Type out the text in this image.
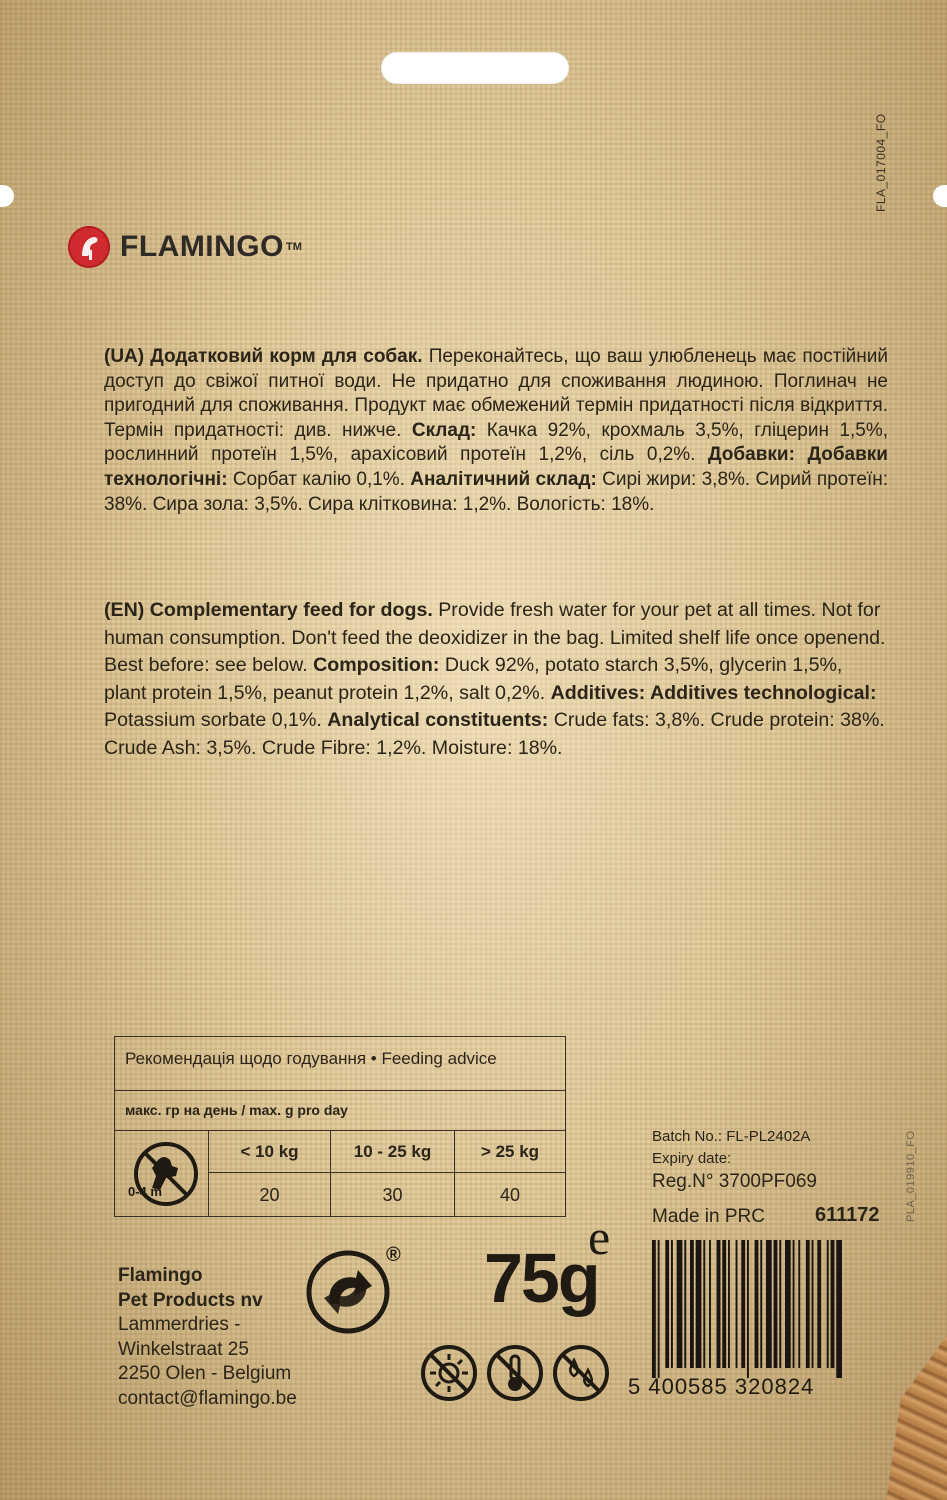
FLA_017004_FO
PLA_019910_FO
FLAMINGO TM
(UA) Додатковий корм для собак. Переконайтесь, що ваш улюбленець має постійний доступ до свіжої питної води. Не придатно для споживання людиною. Поглинач не пригодний для споживання. Продукт має обмежений термін придатності після відкриття. Термін придатності: див. нижче. Склад: Качка 92%, крохмаль 3,5%, гліцерин 1,5%, рослинний протеїн 1,5%, арахісовий протеїн 1,2%, сіль 0,2%. Добавки: Добавки технологічні: Сорбат калію 0,1%. Аналітичний склад: Сирі жири: 3,8%. Сирий протеїн: 38%. Сира зола: 3,5%. Сира клітковина: 1,2%. Вологість: 18%.
(EN) Complementary feed for dogs. Provide fresh water for your pet at all times. Not for human consumption. Don't feed the deoxidizer in the bag. Limited shelf life once openend. Best before: see below. Composition: Duck 92%, potato starch 3,5%, glycerin 1,5%, plant protein 1,5%, peanut protein 1,2%, salt 0,2%. Additives: Additives technological: Potassium sorbate 0,1%. Analytical constituents: Crude fats: 3,8%. Crude protein: 38%. Crude Ash: 3,5%. Crude Fibre: 1,2%. Moisture: 18%.
Рекомендація щодо годування • Feeding advice
макс. гр на день / max. g pro day
0-4 m
< 10 kg	10 - 25 kg	> 25 kg
20	30	40
Batch No.: FL-PL2402A
Expiry date:
Reg.N° 3700PF069
Made in PRC	611172
5 400585 320824
e
75g
®
Flamingo
Pet Products nv
Lammerdries -
Winkelstraat 25
2250 Olen - Belgium
contact@flamingo.be
